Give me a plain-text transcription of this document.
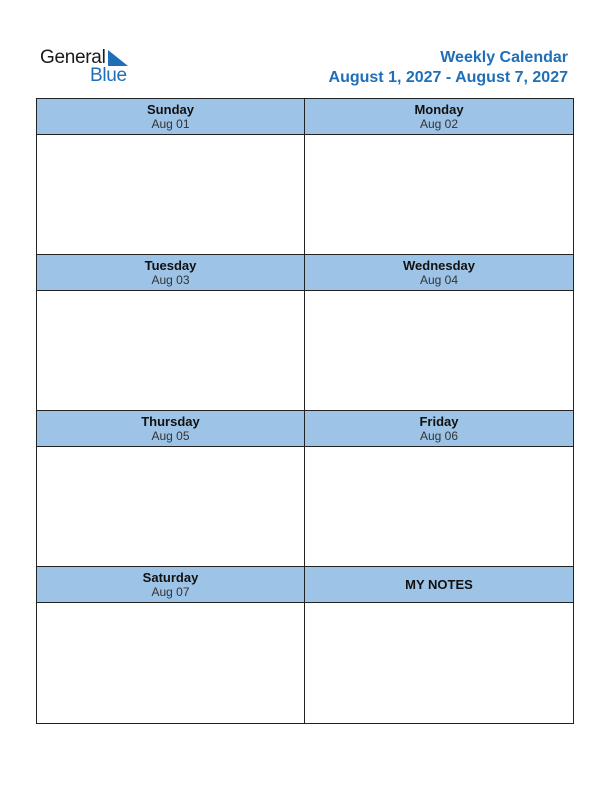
General
Blue
Weekly Calendar
August 1, 2027 - August 7, 2027
Sunday
Aug 01
Monday
Aug 02
Tuesday
Aug 03
Wednesday
Aug 04
Thursday
Aug 05
Friday
Aug 06
Saturday
Aug 07	MY NOTES
